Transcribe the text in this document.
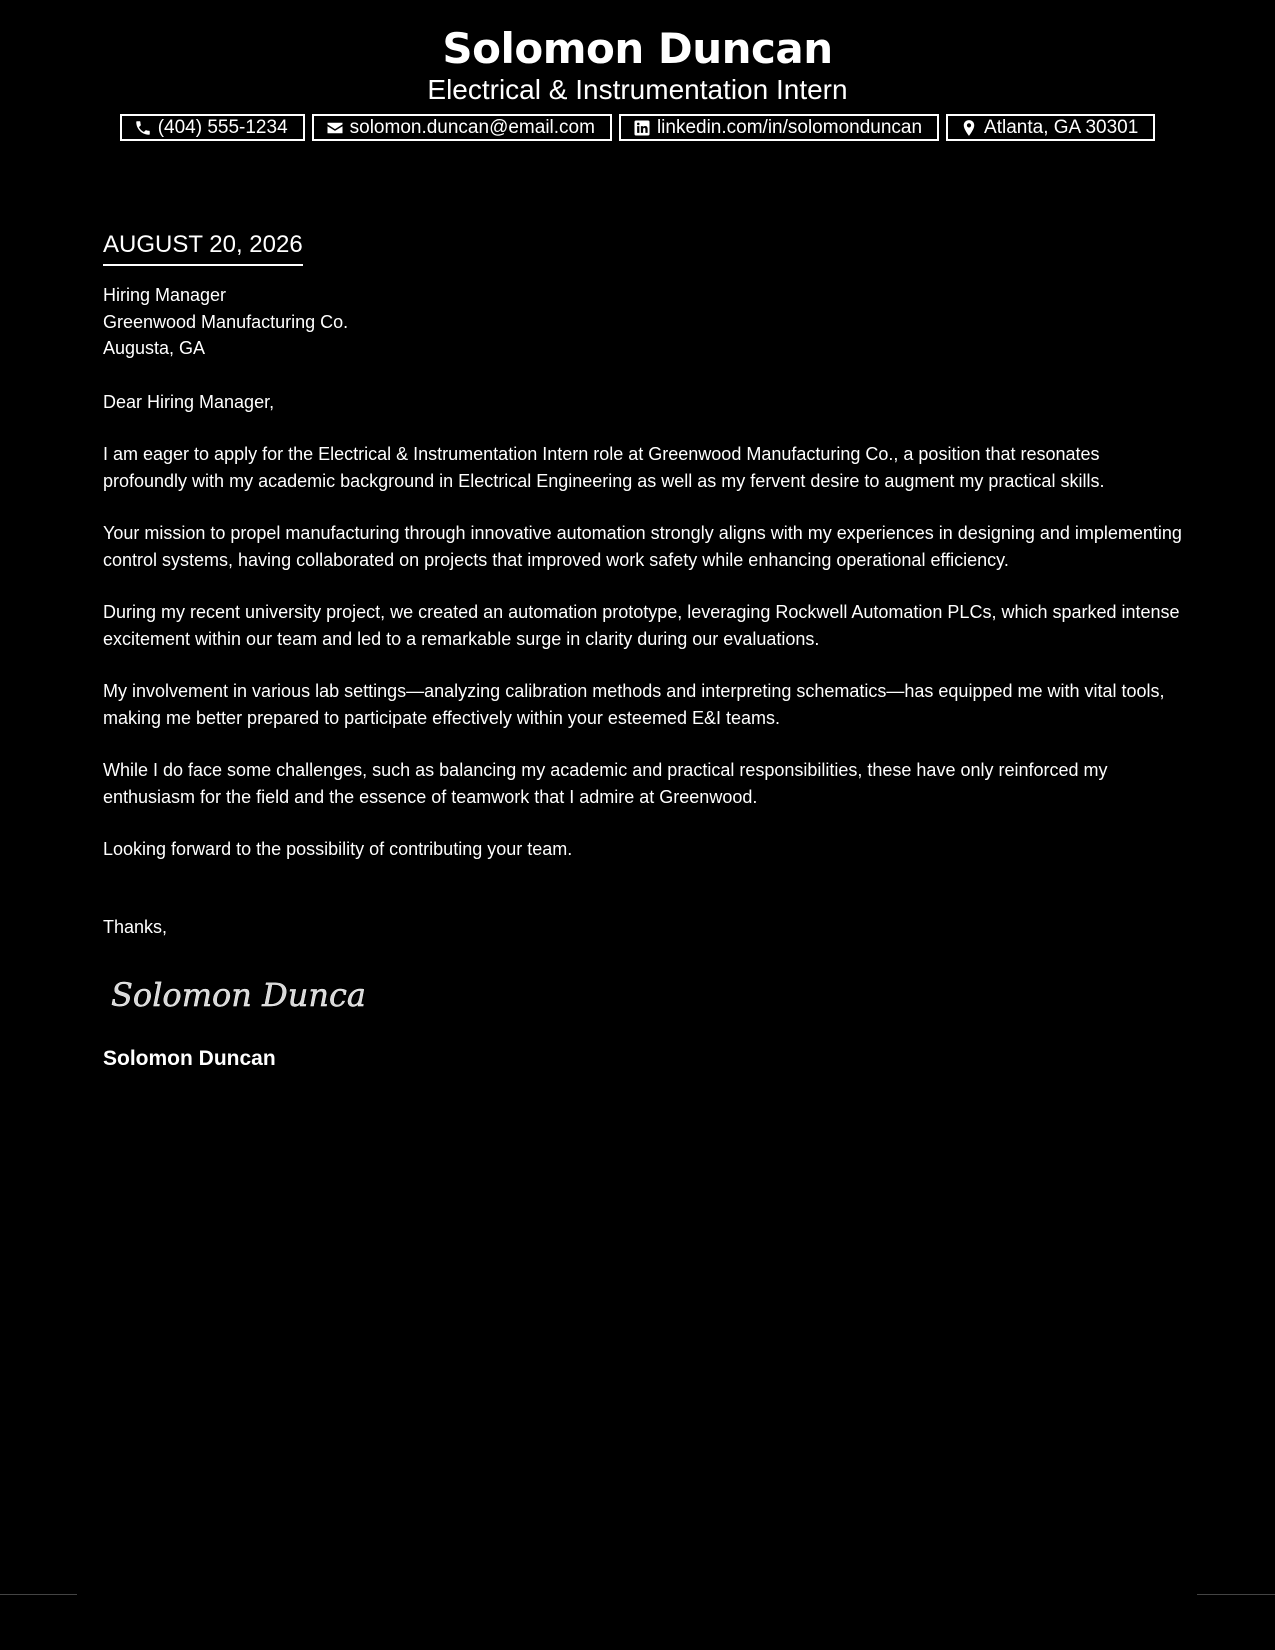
Solomon Duncan
Electrical & Instrumentation Intern
(404) 555-1234	solomon.duncan@email.com	linkedin.com/in/solomonduncan	Atlanta, GA 30301
AUGUST 20, 2026
Hiring Manager
Greenwood Manufacturing Co.
Augusta, GA
Dear Hiring Manager,
I am eager to apply for the Electrical & Instrumentation Intern role at Greenwood Manufacturing Co., a position that resonates profoundly with my academic background in Electrical Engineering as well as my fervent desire to augment my practical skills.
Your mission to propel manufacturing through innovative automation strongly aligns with my experiences in designing and implementing control systems, having collaborated on projects that improved work safety while enhancing operational efficiency.
During my recent university project, we created an automation prototype, leveraging Rockwell Automation PLCs, which sparked intense excitement within our team and led to a remarkable surge in clarity during our evaluations.
My involvement in various lab settings—analyzing calibration methods and interpreting schematics—has equipped me with vital tools, making me better prepared to participate effectively within your esteemed E&I teams.
While I do face some challenges, such as balancing my academic and practical responsibilities, these have only reinforced my enthusiasm for the field and the essence of teamwork that I admire at Greenwood.
Looking forward to the possibility of contributing your team.
Thanks,
Solomon Duncan
Solomon Duncan
